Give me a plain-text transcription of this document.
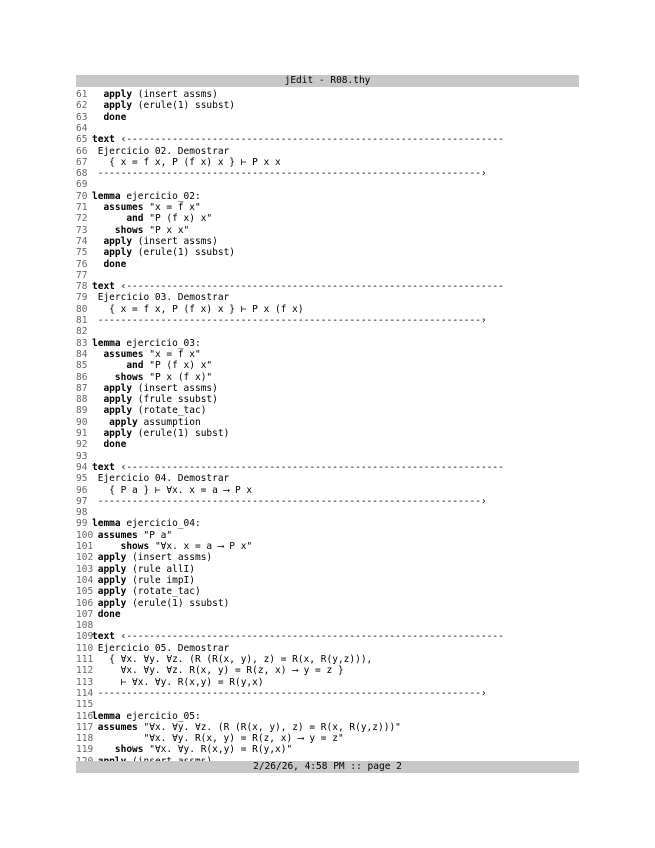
jEdit - R08.thy
61 apply (insert assms)
62 apply (erule(1) ssubst)
63 done
64
65 text ‹------------------------------------------------------------------
66 Ejercicio 02. Demostrar
67   { x = f x, P (f x) x } ⊢ P x x
68 -------------------------------------------------------------------›
69
70 lemma ejercicio_02:
71 assumes "x = f x"
72	and "P (f x) x"
73	shows "P x x"
74 apply (insert assms)
75 apply (erule(1) ssubst)
76 done
77
78 text ‹------------------------------------------------------------------
79 Ejercicio 03. Demostrar
80   { x = f x, P (f x) x } ⊢ P x (f x)
81 -------------------------------------------------------------------›
82
83 lemma ejercicio_03:
84 assumes "x = f x"
85	and "P (f x) x"
86	shows "P x (f x)"
87 apply (insert assms)
88 apply (frule ssubst)
89 apply (rotate_tac)
90 apply assumption
91 apply (erule(1) subst)
92 done
93
94 text ‹------------------------------------------------------------------
95 Ejercicio 04. Demostrar
96   { P a } ⊢ ∀x. x = a ⟶ P x
97 -------------------------------------------------------------------›
98
99 lemma ejercicio_04:
100 assumes "P a"
101	shows "∀x. x = a ⟶ P x"
102 apply (insert assms)
103 apply (rule allI)
104 apply (rule impI)
105 apply (rotate_tac)
106 apply (erule(1) ssubst)
107 done
108
109text ‹------------------------------------------------------------------
110 Ejercicio 05. Demostrar
111   { ∀x. ∀y. ∀z. (R (R(x, y), z) = R(x, R(y,z))),
112     ∀x. ∀y. ∀z. R(x, y) = R(z, x) ⟶ y = z }
113     ⊢ ∀x. ∀y. R(x,y) = R(y,x)
114 -------------------------------------------------------------------›
115
116lemma ejercicio_05:
117 assumes "∀x. ∀y. ∀z. (R (R(x, y), z) = R(x, R(y,z)))"
118         "∀x. ∀y. R(x, y) = R(z, x) ⟶ y = z"
119 shows "∀x. ∀y. R(x,y) = R(y,x)"

2/26/26, 4:58 PM :: page 2
